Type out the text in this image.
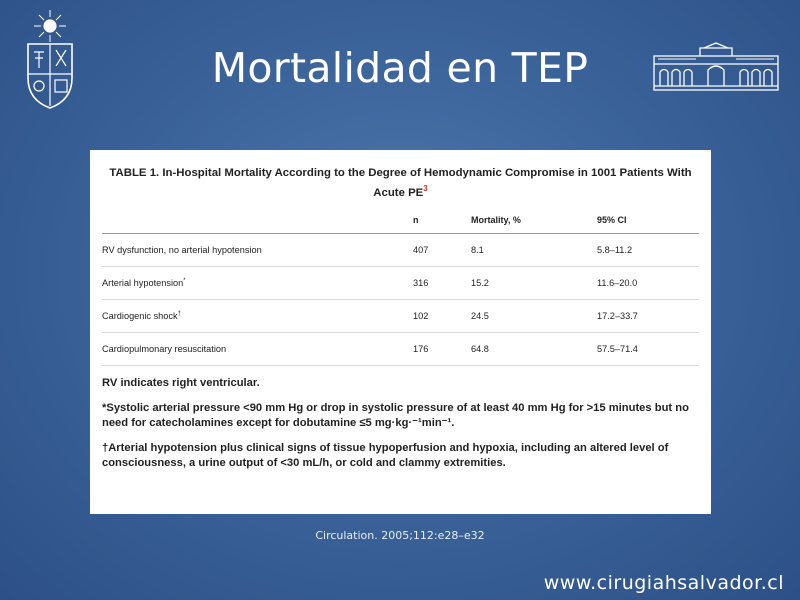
Mortalidad en TEP
TABLE 1. In-Hospital Mortality According to the Degree of Hemodynamic Compromise in 1001 Patients With Acute $PE^3$
	n	Mortality, %	95% CI
RV dysfunction, no arterial hypotension	407	8.1	5.8–11.2
Arterial hypotension*	316	15.2	11.6–20.0
Cardiogenic shock†	102	24.5	17.2–33.7
Cardiopulmonary resuscitation	176	64.8	57.5–71.4
RV indicates right ventricular.
*Systolic arterial pressure <90 mm Hg or drop in systolic pressure of at least 40 mm Hg for >15 minutes but no need for catecholamines except for dobutamine ≤5 mg·kg·⁻¹min⁻¹.
†Arterial hypotension plus clinical signs of tissue hypoperfusion and hypoxia, including an altered level of consciousness, a urine output of <30 mL/h, or cold and clammy extremities.
Circulation. 2005;112:e28–e32
www.cirugiahsalvador.cl
